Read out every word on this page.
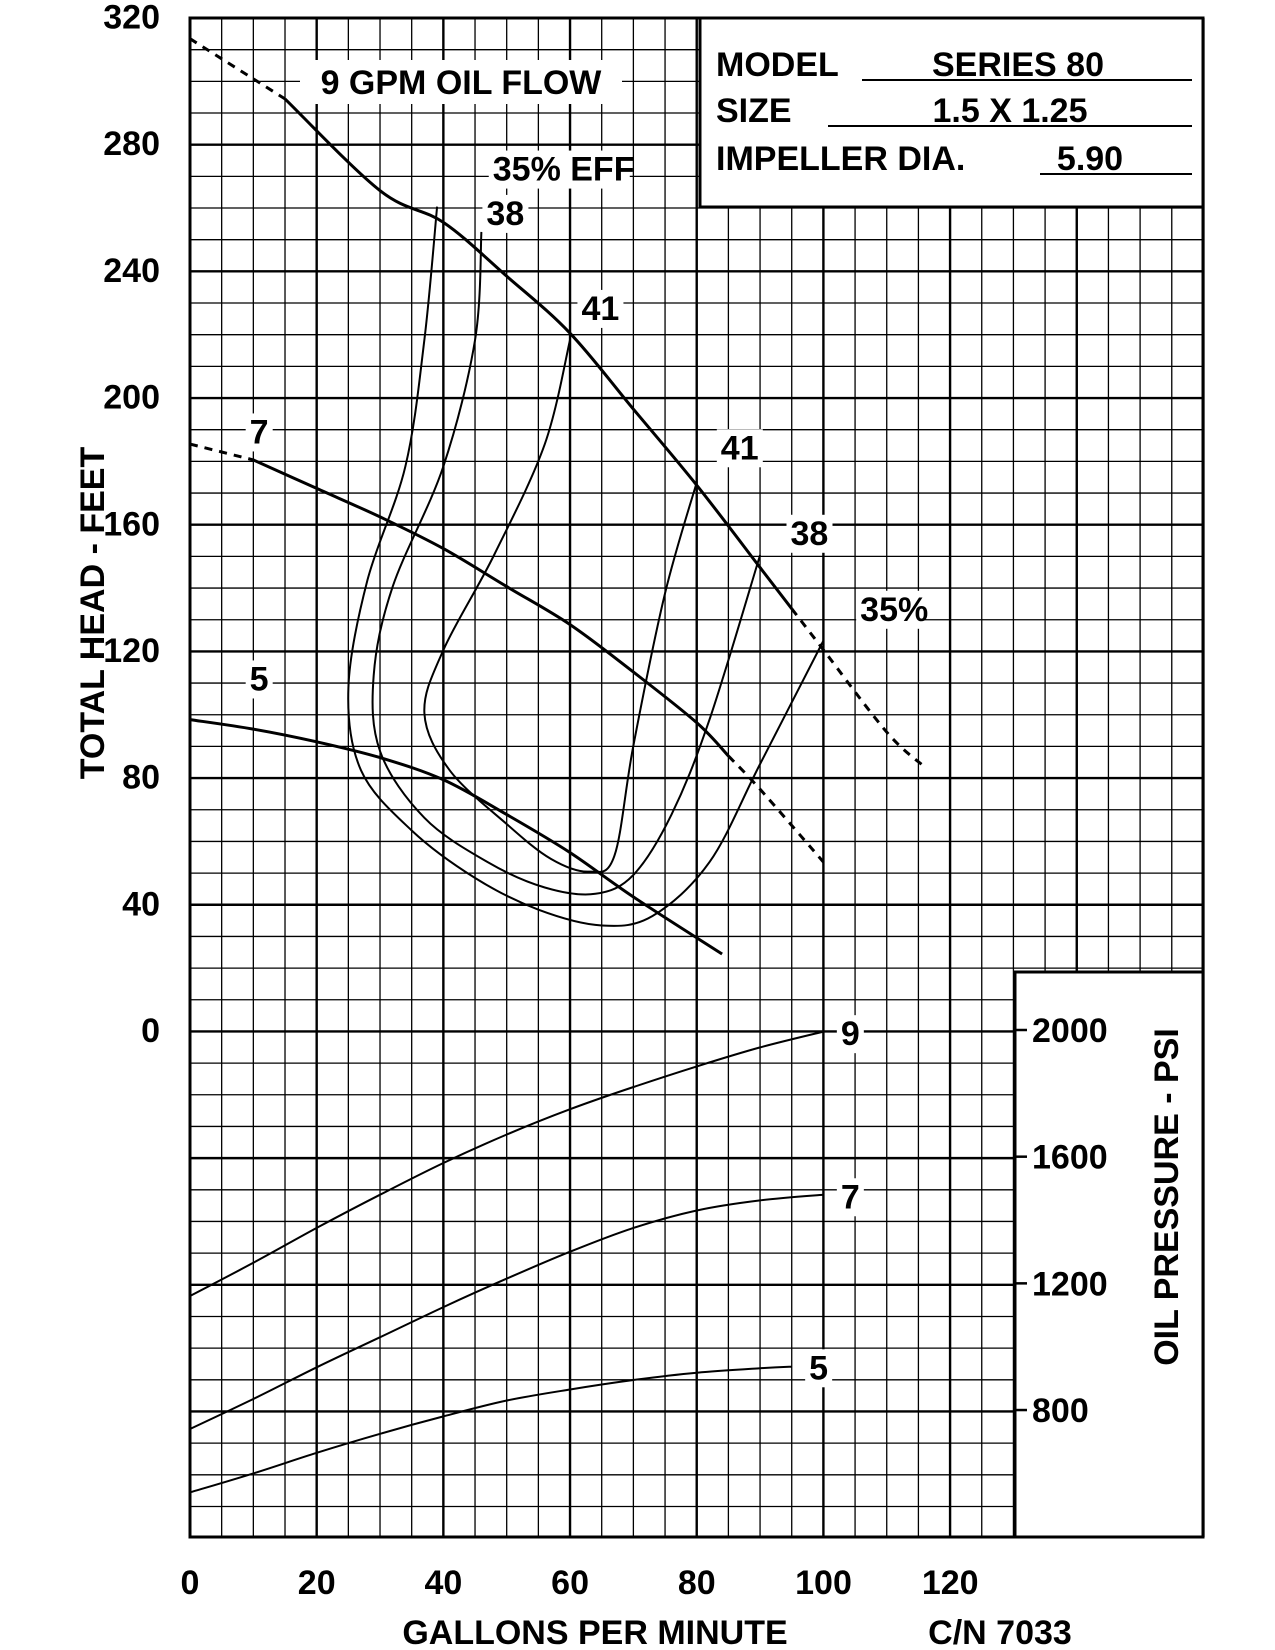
MODEL	SERIES 80
SIZE	1.5 X 1.25
IMPELLER DIA.	5.90
0
40
80
120
160
200
240
280
320
800
1200
1600
2000
0	20	40	60	80 100 120
TOTAL HEAD - FEET
OIL PRESSURE - PSI
GALLONS PER MINUTE	C/N 7033
9 GPM OIL FLOW
7
5
35% EFF
38
41
41
38
35%
9
7
5
